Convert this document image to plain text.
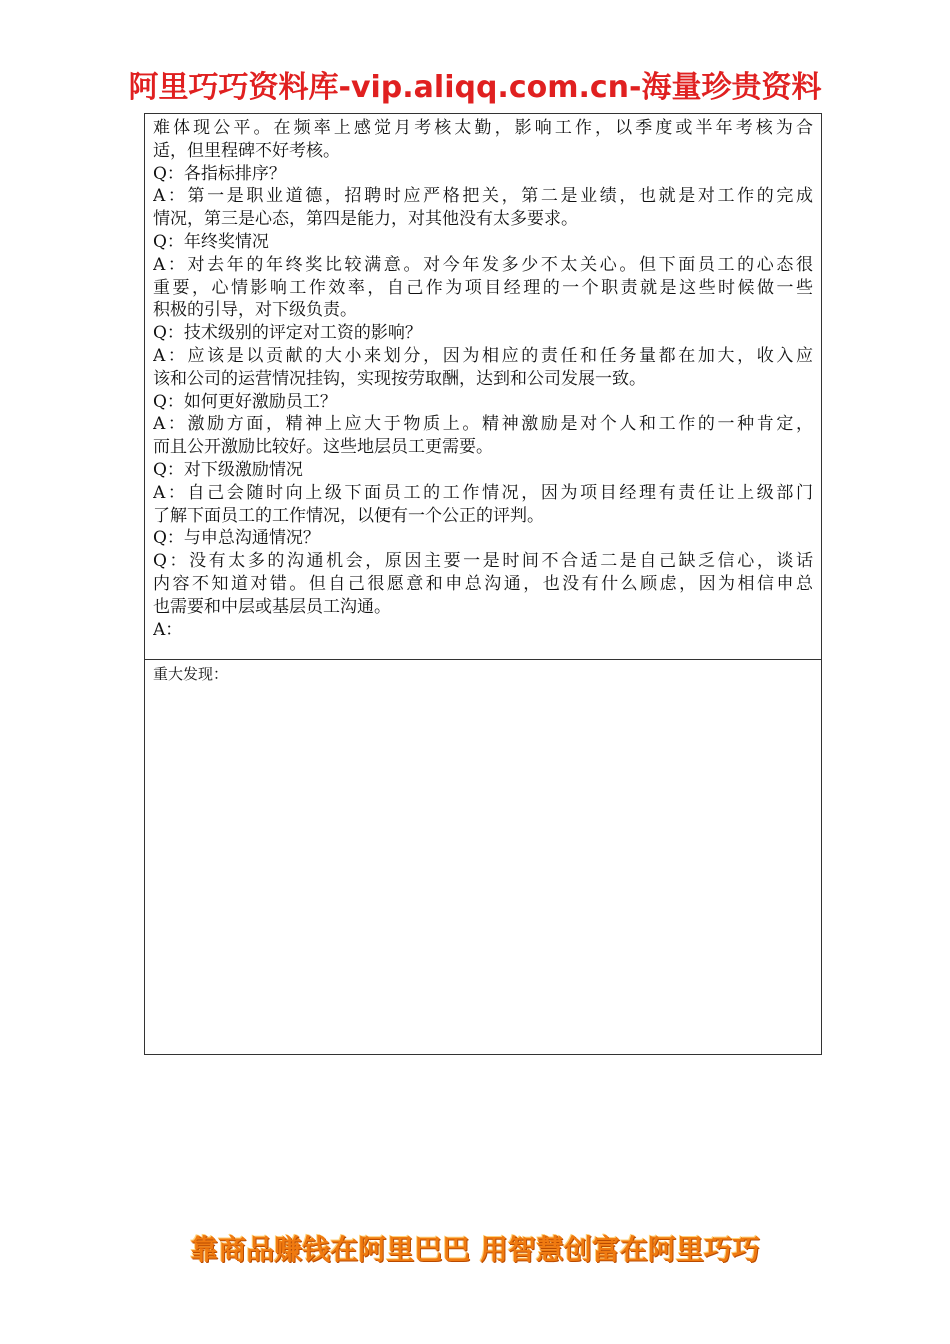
阿里巧巧资料库-vip.aliqq.com.cn-海量珍贵资料
难体现公平。在频率上感觉月考核太勤，影响工作，以季度或半年考核为合
适，但里程碑不好考核。
Q：各指标排序？
A：第一是职业道德，招聘时应严格把关，第二是业绩，也就是对工作的完成
情况，第三是心态，第四是能力，对其他没有太多要求。
Q：年终奖情况
A：对去年的年终奖比较满意。对今年发多少不太关心。但下面员工的心态很
重要，心情影响工作效率，自己作为项目经理的一个职责就是这些时候做一些
积极的引导，对下级负责。
Q：技术级别的评定对工资的影响？
A：应该是以贡献的大小来划分，因为相应的责任和任务量都在加大，收入应
该和公司的运营情况挂钩，实现按劳取酬，达到和公司发展一致。
Q：如何更好激励员工？
A：激励方面，精神上应大于物质上。精神激励是对个人和工作的一种肯定，
而且公开激励比较好。这些地层员工更需要。
Q：对下级激励情况
A：自己会随时向上级下面员工的工作情况，因为项目经理有责任让上级部门
了解下面员工的工作情况，以便有一个公正的评判。
Q：与申总沟通情况？
Q：没有太多的沟通机会，原因主要一是时间不合适二是自己缺乏信心，谈话
内容不知道对错。但自己很愿意和申总沟通，也没有什么顾虑，因为相信申总
也需要和中层或基层员工沟通。
A：
重大发现：
靠商品赚钱在阿里巴巴 用智慧创富在阿里巧巧
